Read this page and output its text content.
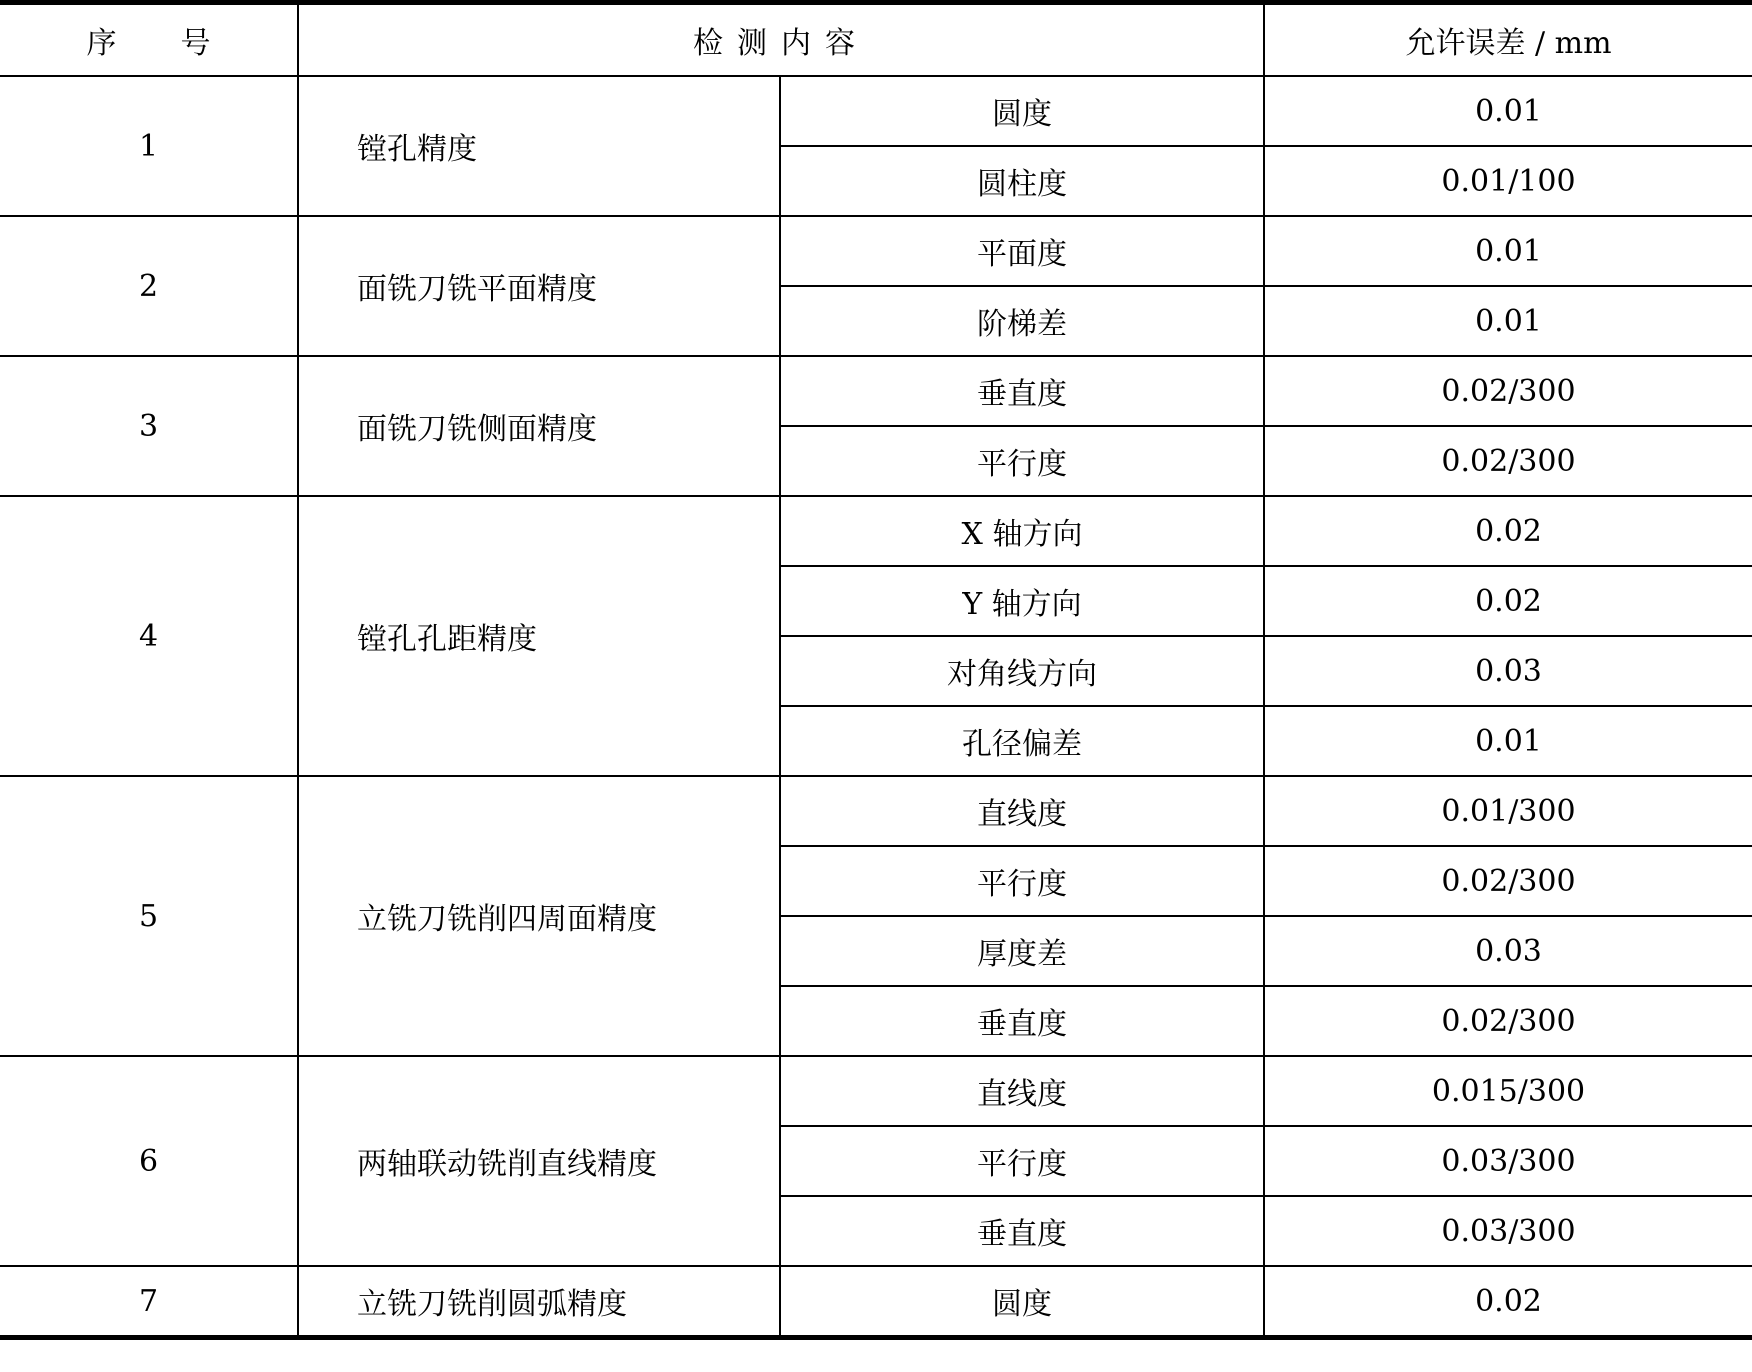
序 号	检测内容		允许误差 / mm
1	镗孔精度	圆度	0.01
		圆柱度	0.01/100
2	面铣刀铣平面精度	平面度	0.01
		阶梯差	0.01
3	面铣刀铣侧面精度	垂直度	0.02/300
		平行度	0.02/300
4	镗孔孔距精度	X 轴方向	0.02
		Y 轴方向	0.02
		对角线方向	0.03
		孔径偏差	0.01
5	立铣刀铣削四周面精度	直线度	0.01/300
		平行度	0.02/300
		厚度差	0.03
		垂直度	0.02/300
6	两轴联动铣削直线精度	直线度	0.015/300
		平行度	0.03/300
		垂直度	0.03/300
7	立铣刀铣削圆弧精度	圆度	0.02
